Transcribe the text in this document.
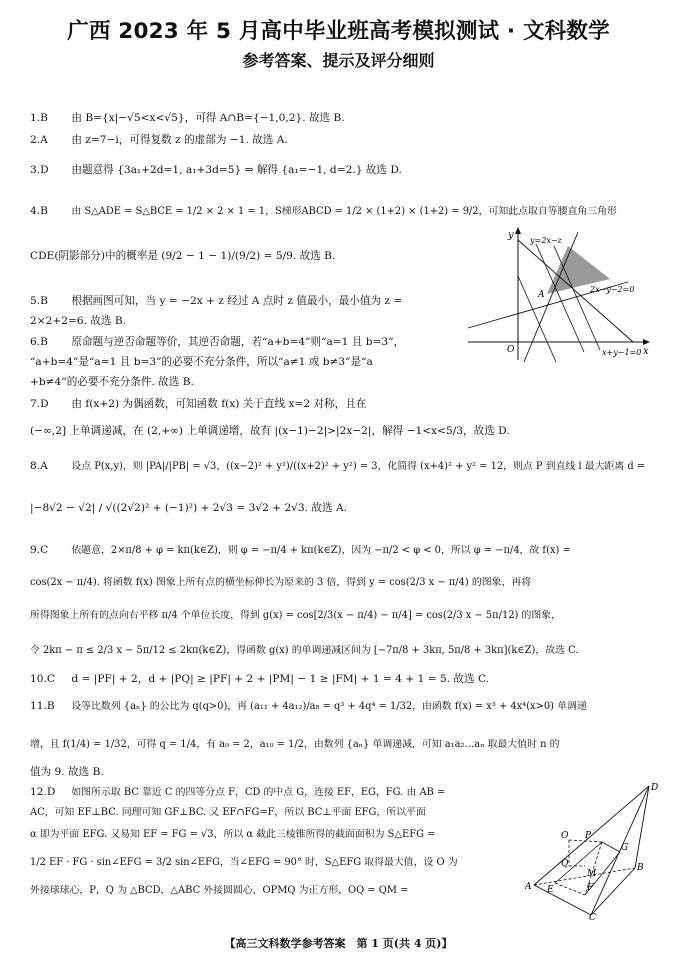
广西 2023 年 5 月高中毕业班高考模拟测试 · 文科数学
参考答案、提示及评分细则
1.B 由 B={x|−√5<x<√5}，可得 A∩B={−1,0,2}. 故选 B.
2.A 由 z=7−i，可得复数 z 的虚部为 −1. 故选 A.
3.D 由题意得 {3a₁+2d=1, a₁+3d=5} ⇒ 解得 {a₁=−1, d=2.} 故选 D.
4.B 由 S△ADE = S△BCE = 1/2 × 2 × 1 = 1，S梯形ABCD = 1/2 × (1+2) × (1+2) = 9/2，可知此点取自等腰直角三角形
CDE(阴影部分)中的概率是 (9/2 − 1 − 1)/(9/2) = 5/9. 故选 B.
5.B 根据画图可知，当 y = −2x + z 经过 A 点时 z 值最小，最小值为 z =
2×2+2=6. 故选 B.
6.B 原命题与逆否命题等价，其逆否命题，若“a+b=4”则“a=1 且 b=3”，
“a+b=4”是“a=1 且 b=3”的必要不充分条件，所以“a≠1 或 b≠3”是“a
+b≠4”的必要不充分条件. 故选 B.
7.D 由 f(x+2) 为偶函数，可知函数 f(x) 关于直线 x=2 对称，且在
(−∞,2] 上单调递减，在 (2,+∞) 上单调递增，故有 |(x−1)−2|>|2x−2|，解得 −1<x<5/3，故选 D.
8.A 设点 P(x,y)，则 |PA|/|PB| = √3，((x−2)² + y²)/((x+2)² + y²) = 3，化简得 (x+4)² + y² = 12，则点 P 到直线 l 最大距离 d =
|−8√2 − √2| / √((2√2)² + (−1)²) + 2√3 = 3√2 + 2√3. 故选 A.
9.C 依题意，2×π/8 + φ = kπ(k∈Z)，则 φ = −π/4 + kπ(k∈Z)，因为 −π/2 < φ < 0，所以 φ = −π/4，故 f(x) =
cos(2x − π/4). 将函数 f(x) 图象上所有点的横坐标伸长为原来的 3 倍，得到 y = cos(2/3 x − π/4) 的图象，再将
所得图象上所有的点向右平移 π/4 个单位长度，得到 g(x) = cos[2/3(x − π/4) − π/4] = cos(2/3 x − 5π/12) 的图象，
令 2kπ − π ≤ 2/3 x − 5π/12 ≤ 2kπ(k∈Z)，得函数 g(x) 的单调递减区间为 [−7π/8 + 3kπ, 5π/8 + 3kπ](k∈Z)，故选 C.
10.C d = |PF| + 2，d + |PQ| ≥ |PF| + 2 + |PM| − 1 ≥ |FM| + 1 = 4 + 1 = 5. 故选 C.
11.B 设等比数列 {aₙ} 的公比为 q(q>0)，再 (a₁₁ + 4a₁₂)/a₈ = q³ + 4q⁴ = 1/32，由函数 f(x) = x³ + 4x⁴(x>0) 单调递
增，且 f(1/4) = 1/32，可得 q = 1/4，有 a₉ = 2，a₁₀ = 1/2，由数列 {aₙ} 单调递减，可知 a₁a₂…aₙ 取最大值时 n 的
值为 9. 故选 B.
12.D 如图所示取 BC 靠近 C 的四等分点 F，CD 的中点 G，连接 EF，EG，FG. 由 AB =
AC，可知 EF⊥BC. 同理可知 GF⊥BC. 又 EF∩FG=F，所以 BC⊥平面 EFG，所以平面
α 即为平面 EFG. 又易知 EF = FG = √3，所以 α 截此三棱锥所得的截面面积为 S△EFG =
1/2 EF · FG · sin∠EFG = 3/2 sin∠EFG，当∠EFG = 90° 时，S△EFG 取得最大值，设 O 为
外接球球心，P，Q 为 △BCD，△ABC 外接圆圆心，OPMQ 为正方形，OQ = QM =
y
x
O
A
y=2x−z
2x−y−2=0
x+y−1=0
D
A
B
C
O P
Q
M
E	F
G
【高三文科数学参考答案　第 1 页(共 4 页)】
